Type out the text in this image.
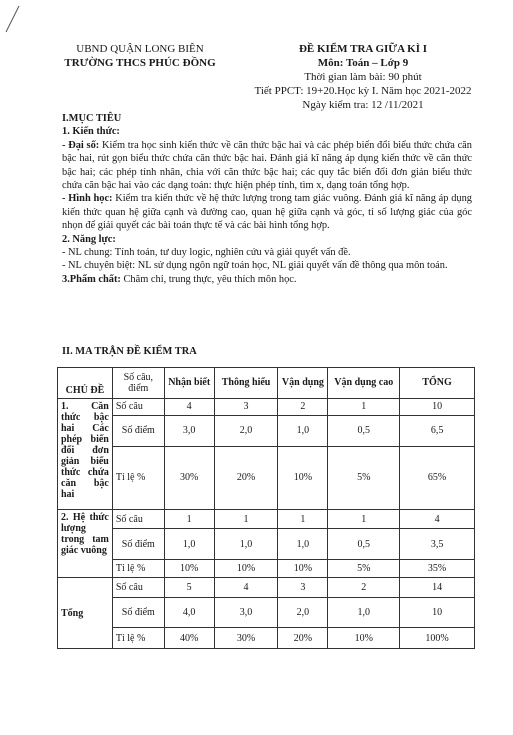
UBND QUẬN LONG BIÊN
TRƯỜNG THCS PHÚC ĐỒNG
ĐỀ KIỂM TRA GIỮA KÌ I
Môn: Toán – Lớp 9
Thời gian làm bài: 90 phút
Tiết PPCT: 19+20.Học kỳ I. Năm học 2021-2022
Ngày kiểm tra: 12 /11/2021

I.MỤC TIÊU

1. Kiến thức:

- Đại số: Kiểm tra học sinh kiến thức về căn thức bậc hai và các phép biến đổi biểu thức chứa căn bậc hai, rút gọn biểu thức chứa căn thức bậc hai. Đánh giá kĩ năng áp dụng kiến thức về căn thức bậc hai; các phép tính nhân, chia với căn thức bậc hai; các quy tắc biến đổi đơn giản biểu thức chứa căn bậc hai vào các dạng toán: thực hiện phép tính, tìm x, dạng toán tổng hợp.

- Hình học: Kiểm tra kiến thức về hệ thức lượng trong tam giác vuông. Đánh giá kĩ năng áp dụng kiến thức quan hệ giữa cạnh và đường cao, quan hệ giữa cạnh và góc, tỉ số lượng giác của góc nhọn để giải quyết các bài toán thực tế và các bài hình tổng hợp.

2. Năng lực:

- NL chung: Tính toán, tư duy logic, nghiên cứu và giải quyết vấn đề.

- NL chuyên biệt: NL sử dụng ngôn ngữ toán học, NL giải quyết vấn đề thông qua môn toán.

3.Phẩm chất: Chăm chỉ, trung thực, yêu thích môn học.

II. MA TRẬN ĐỀ KIỂM TRA
CHỦ ĐỀ	Số câu, điểm	Nhận biết	Thông hiểu	Vận dụng	Vận dụng cao	TỔNG
1. Căn thức bậc hai Các phép biến đổi đơn giản biểu thức chứa căn bậc hai	Số câu	4	3	2	1	10
	Số điểm	3,0	2,0	1,0	0,5	6,5
	Tỉ lệ %	30%	20%	10%	5%	65%
2. Hệ thức lượng trong tam giác vuông	Số câu	1	1	1	1	4
	Số điểm	1,0	1,0	1,0	0,5	3,5
	Tỉ lệ %	10%	10%	10%	5%	35%
Tổng	Số câu	5	4	3	2	14
	Số điểm	4,0	3,0	2,0	1,0	10
	Tỉ lệ %	40%	30%	20%	10%	100%
